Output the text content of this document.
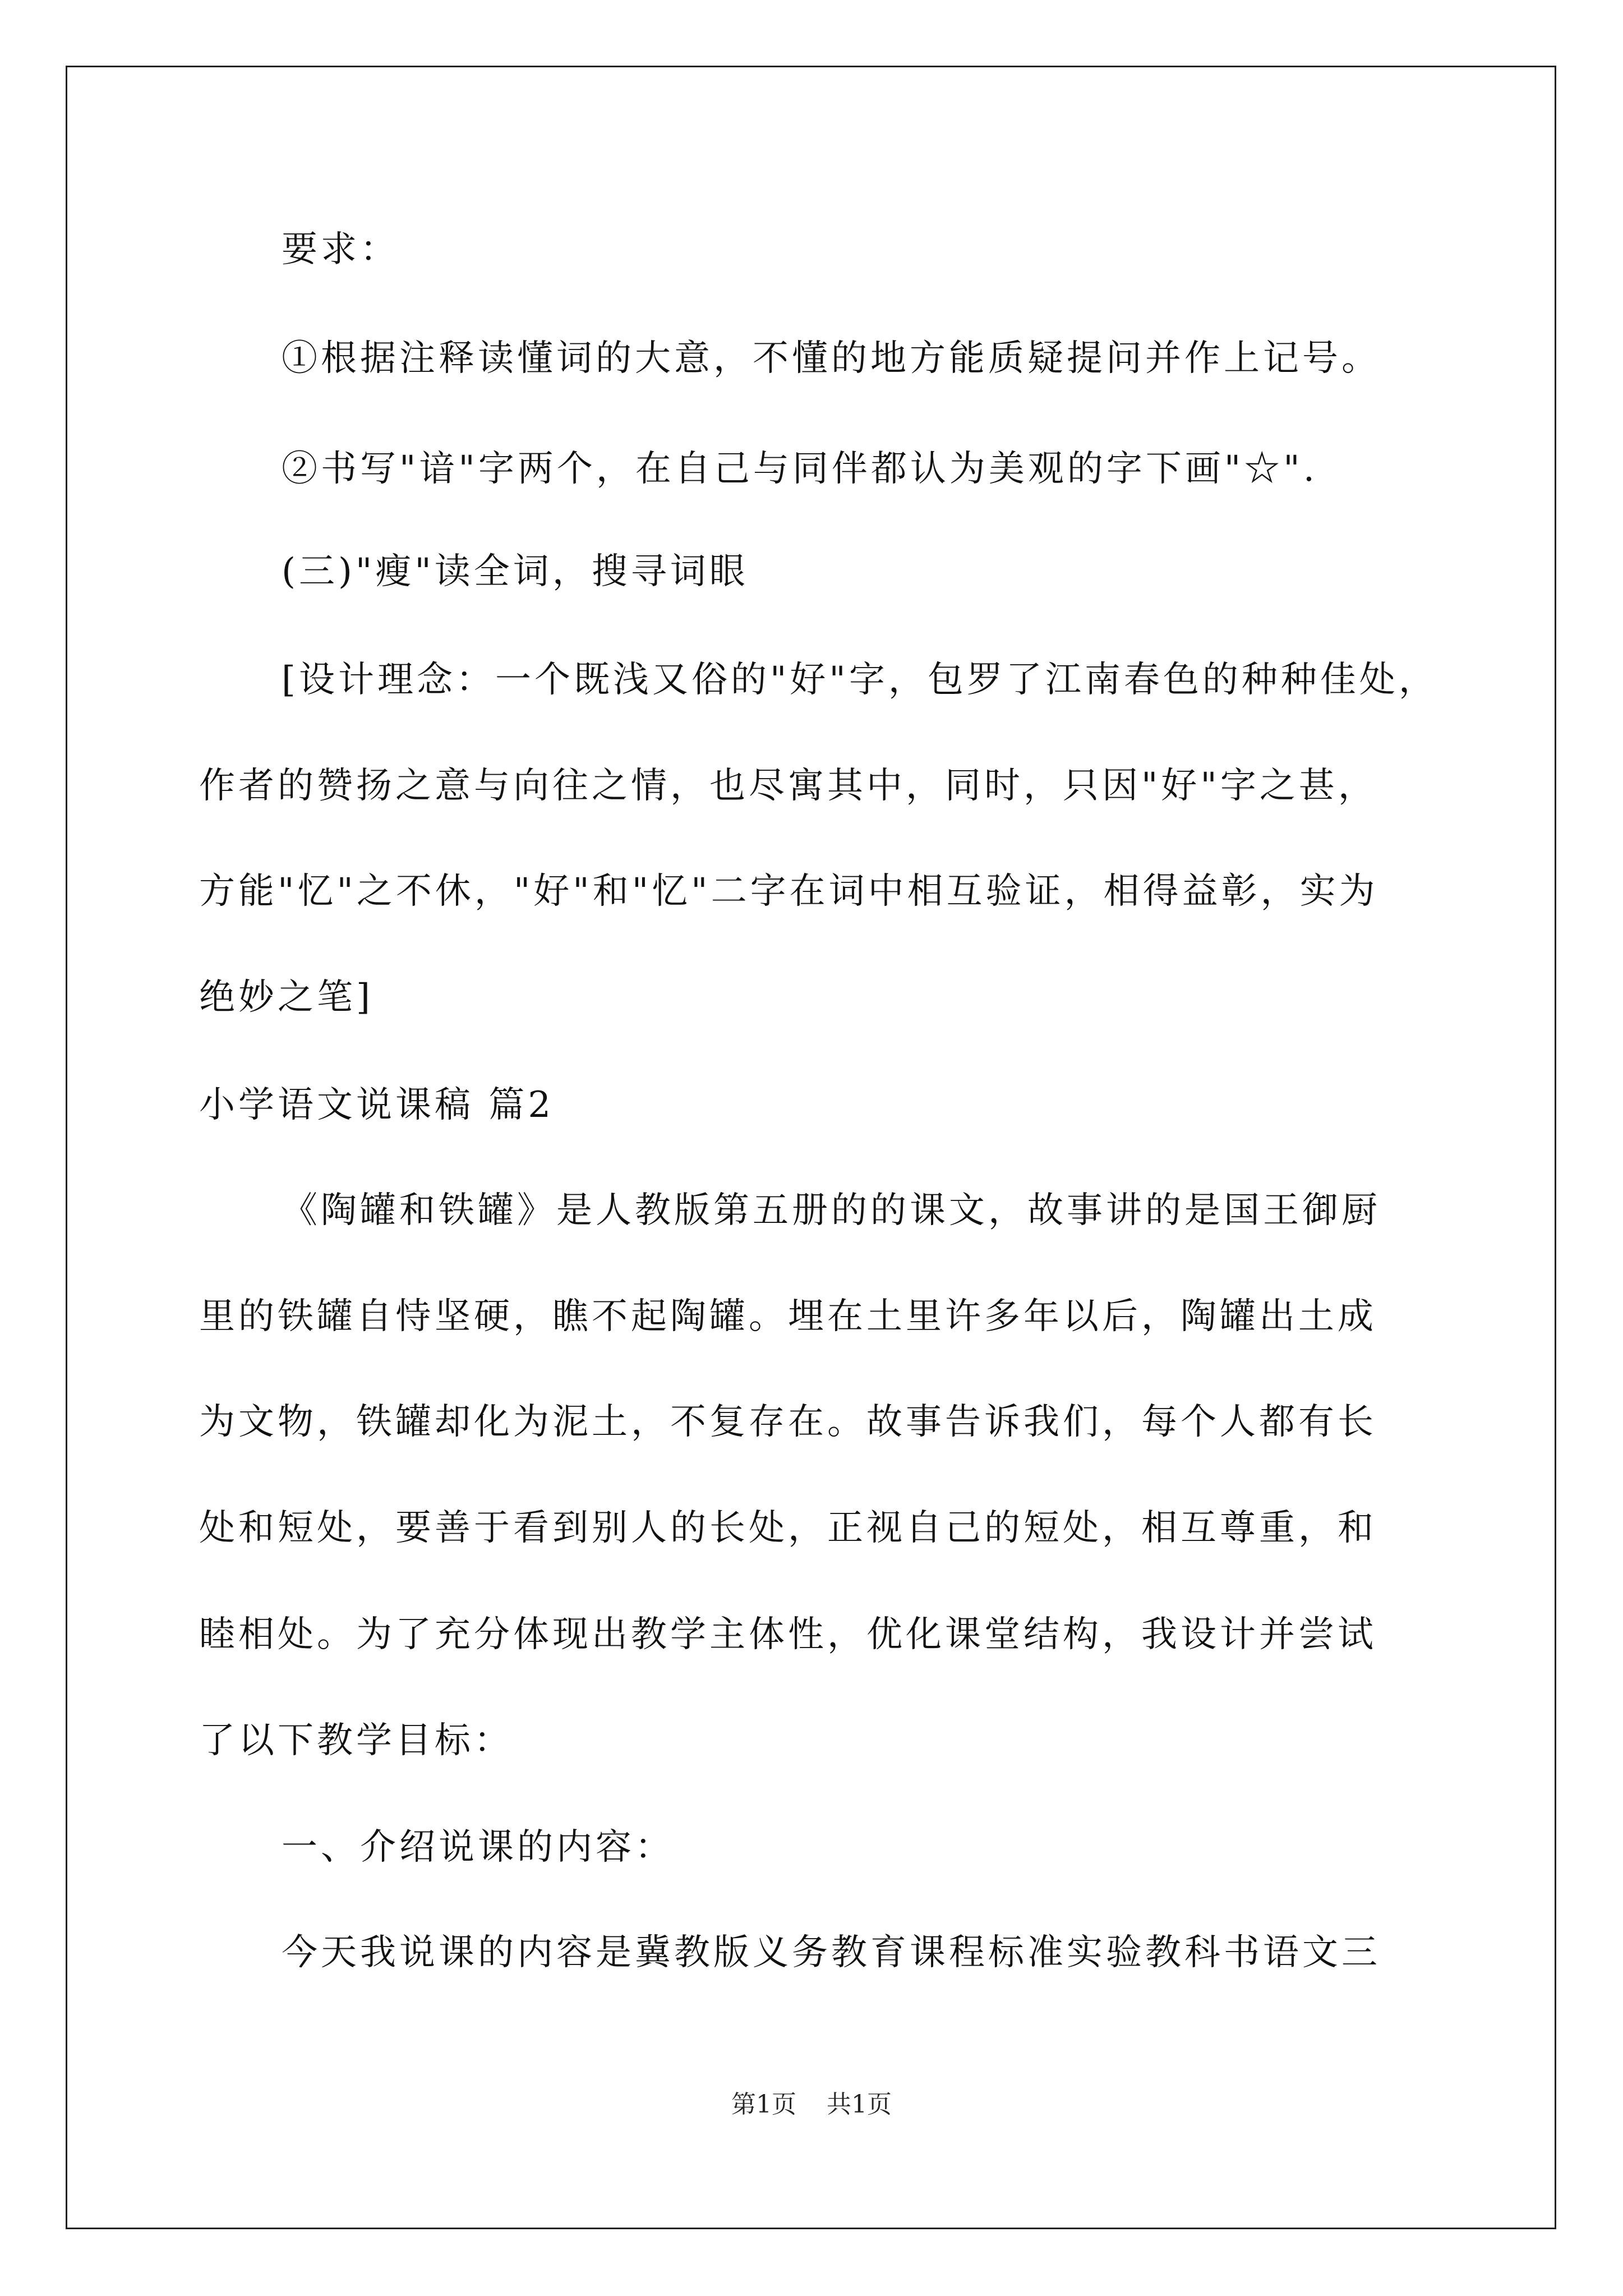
要求：
①根据注释读懂词的大意，不懂的地方能质疑提问并作上记号。
②书写"谙"字两个，在自己与同伴都认为美观的字下画"☆".
(三)"瘦"读全词，搜寻词眼
[设计理念：一个既浅又俗的"好"字，包罗了江南春色的种种佳处，
作者的赞扬之意与向往之情，也尽寓其中，同时，只因"好"字之甚，
方能"忆"之不休，"好"和"忆"二字在词中相互验证，相得益彰，实为
绝妙之笔]
小学语文说课稿 篇2
《陶罐和铁罐》是人教版第五册的的课文，故事讲的是国王御厨
里的铁罐自恃坚硬，瞧不起陶罐。埋在土里许多年以后，陶罐出土成
为文物，铁罐却化为泥土，不复存在。故事告诉我们，每个人都有长
处和短处，要善于看到别人的长处，正视自己的短处，相互尊重，和
睦相处。为了充分体现出教学主体性，优化课堂结构，我设计并尝试
了以下教学目标：
一、介绍说课的内容：
今天我说课的内容是冀教版义务教育课程标准实验教科书语文三
第1页 共1页
